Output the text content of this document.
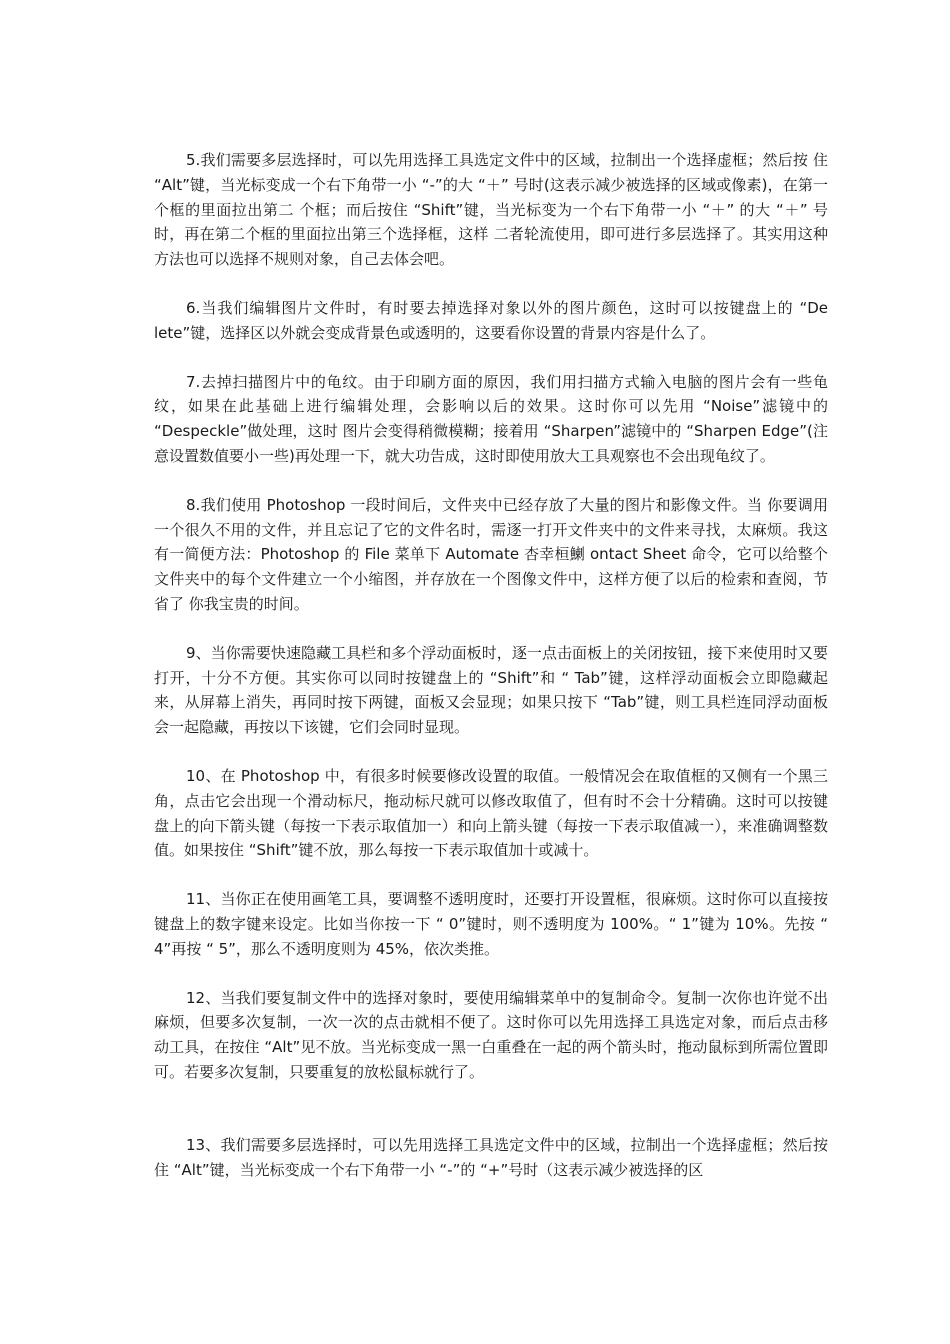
5.我们需要多层选择时，可以先用选择工具选定文件中的区域，拉制出一个选择虚框；然后按 住 “Alt”键，当光标变成一个右下角带一小 “-”的大 “＋” 号时(这表示减少被选择的区域或像素)，在第一个框的里面拉出第二 个框；而后按住 “Shift”键，当光标变为一个右下角带一小 “＋” 的大 “＋” 号时，再在第二个框的里面拉出第三个选择框，这样 二者轮流使用，即可进行多层选择了。其实用这种方法也可以选择不规则对象，自己去体会吧。

6.当我们编辑图片文件时，有时要去掉选择对象以外的图片颜色，这时可以按键盘上的 “De lete”键，选择区以外就会变成背景色或透明的，这要看你设置的背景内容是什么了。

7.去掉扫描图片中的龟纹。由于印刷方面的原因，我们用扫描方式输入电脑的图片会有一些龟 纹，如果在此基础上进行编辑处理，会影响以后的效果。这时你可以先用 “Noise”滤镜中的 “Despeckle”做处理，这时 图片会变得稍微模糊；接着用 “Sharpen”滤镜中的 “Sharpen Edge”(注意设置数值要小一些)再处理一下，就大功告成，这时即使用放大工具观察也不会出现龟纹了。

8.我们使用 Photoshop 一段时间后，文件夹中已经存放了大量的图片和影像文件。当 你要调用一个很久不用的文件，并且忘记了它的文件名时，需逐一打开文件夹中的文件来寻找，太麻烦。我这有一简便方法：Photoshop 的 File 菜单下 Automate 杏幸桓鯻 ontact Sheet 命令，它可以给整个文件夹中的每个文件建立一个小缩图，并存放在一个图像文件中，这样方便了以后的检索和查阅，节省了 你我宝贵的时间。

9、当你需要快速隐藏工具栏和多个浮动面板时，逐一点击面板上的关闭按钮，接下来使用时又要打开，十分不方便。其实你可以同时按键盘上的 “Shift”和 “ Tab”键，这样浮动面板会立即隐藏起来，从屏幕上消失，再同时按下两键，面板又会显现；如果只按下 “Tab”键，则工具栏连同浮动面板会一起隐藏，再按以下该键，它们会同时显现。

10、在 Photoshop 中，有很多时候要修改设置的取值。一般情况会在取值框的又侧有一个黑三角，点击它会出现一个滑动标尺，拖动标尺就可以修改取值了，但有时不会十分精确。这时可以按键盘上的向下箭头键（每按一下表示取值加一）和向上箭头键（每按一下表示取值减一），来准确调整数值。如果按住 “Shift”键不放，那么每按一下表示取值加十或减十。

11、当你正在使用画笔工具，要调整不透明度时，还要打开设置框，很麻烦。这时你可以直接按键盘上的数字键来设定。比如当你按一下 “ 0”键时，则不透明度为 100%。“ 1”键为 10%。先按 “ 4”再按 “ 5”，那么不透明度则为 45%，依次类推。

12、当我们要复制文件中的选择对象时，要使用编辑菜单中的复制命令。复制一次你也许觉不出麻烦，但要多次复制，一次一次的点击就相不便了。这时你可以先用选择工具选定对象，而后点击移动工具，在按住 “Alt”见不放。当光标变成一黑一白重叠在一起的两个箭头时，拖动鼠标到所需位置即可。若要多次复制，只要重复的放松鼠标就行了。

13、我们需要多层选择时，可以先用选择工具选定文件中的区域，拉制出一个选择虚框；然后按住 “Alt”键，当光标变成一个右下角带一小 “-”的 “+”号时（这表示减少被选择的区
